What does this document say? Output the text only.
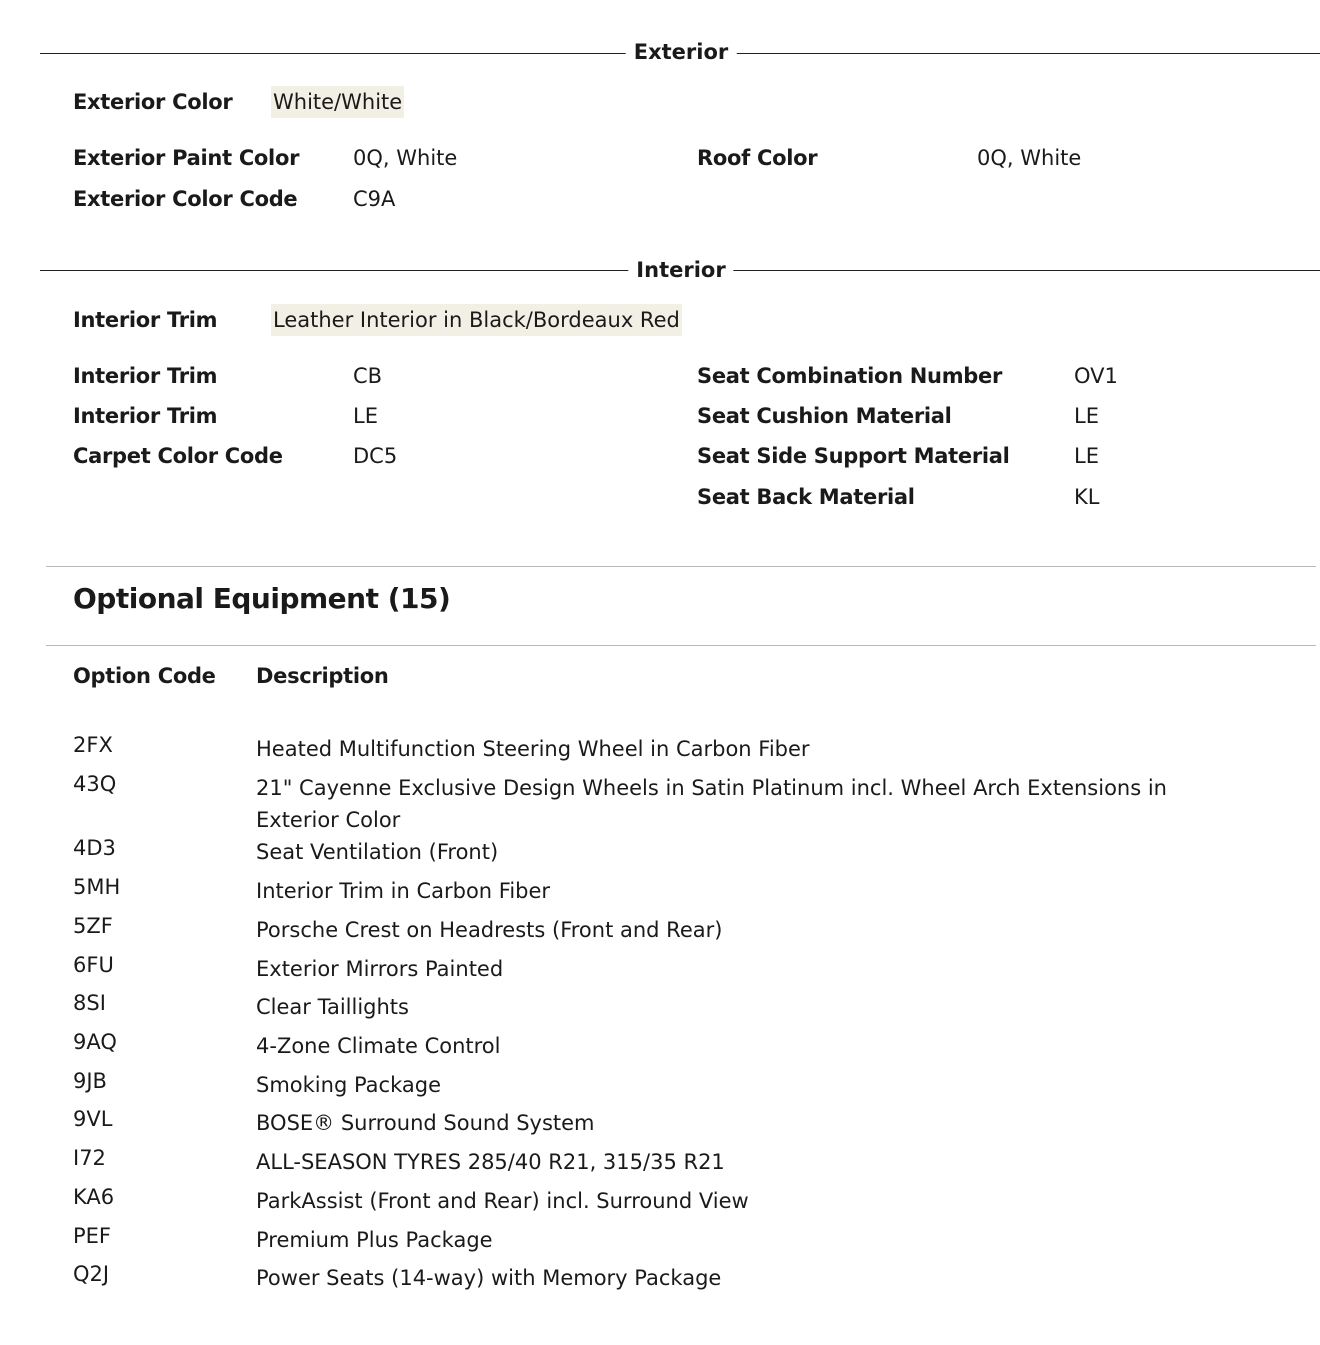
Exterior
Exterior Color White/White
Exterior Paint Color	0Q, White
Exterior Color Code	C9A
Roof Color	0Q, White
Interior
Interior Trim	Leather Interior in Black/Bordeaux Red
Interior Trim	CB
Interior Trim	LE
Carpet Color Code	DC5
Seat Combination Number	OV1
Seat Cushion Material	LE
Seat Side Support Material	LE
Seat Back Material	KL
Optional Equipment (15)
Option Code Description
2FX	Heated Multifunction Steering Wheel in Carbon Fiber
43Q	21" Cayenne Exclusive Design Wheels in Satin Platinum incl. Wheel Arch Extensions in Exterior Color
4D3	Seat Ventilation (Front)
5MH	Interior Trim in Carbon Fiber
5ZF	Porsche Crest on Headrests (Front and Rear)
6FU	Exterior Mirrors Painted
8SI	Clear Taillights
9AQ	4-Zone Climate Control
9JB	Smoking Package
9VL	BOSE® Surround Sound System
I72	ALL-SEASON TYRES 285/40 R21, 315/35 R21
KA6	ParkAssist (Front and Rear) incl. Surround View
PEF	Premium Plus Package
Q2J	Power Seats (14-way) with Memory Package
